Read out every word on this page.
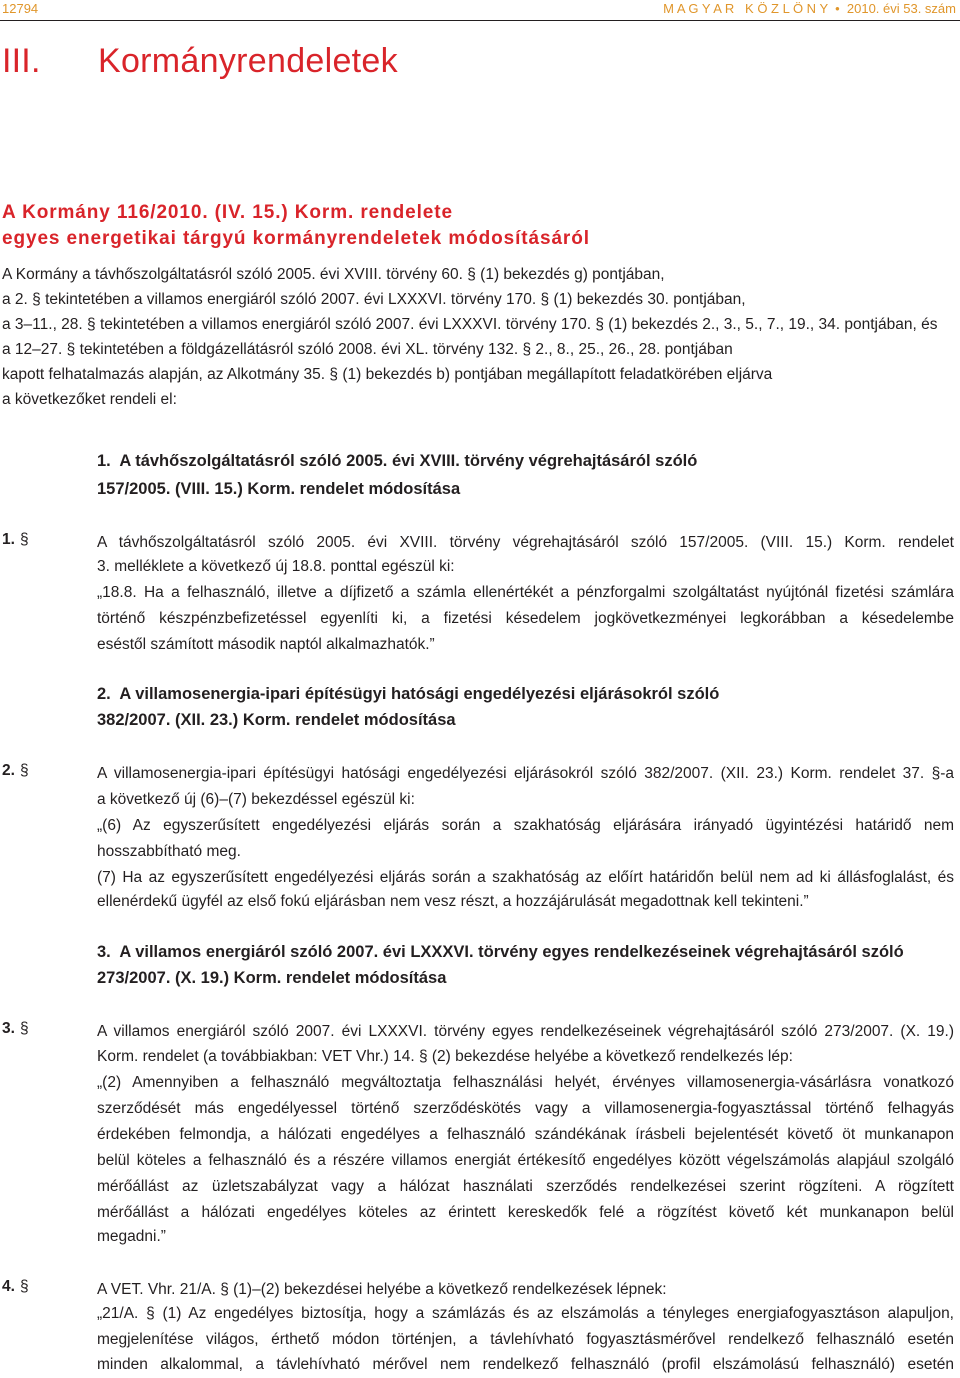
12794	M A G Y A R   K Ö Z L Ö N Y  •  2010. évi 53. szám
III. Kormányrendeletek
A Kormány 116/2010. (IV. 15.) Korm. rendelete
egyes energetikai tárgyú kormányrendeletek módosításáról
A Kormány a távhőszolgáltatásról szóló 2005. évi XVIII. törvény 60. § (1) bekezdés g) pontjában,
a 2. § tekintetében a villamos energiáról szóló 2007. évi LXXXVI. törvény 170. § (1) bekezdés 30. pontjában,
a 3–11., 28. § tekintetében a villamos energiáról szóló 2007. évi LXXXVI. törvény 170. § (1) bekezdés 2., 3., 5., 7., 19., 34. pontjában, és
a 12–27. § tekintetében a földgázellátásról szóló 2008. évi XL. törvény 132. § 2., 8., 25., 26., 28. pontjában
kapott felhatalmazás alapján, az Alkotmány 35. § (1) bekezdés b) pontjában megállapított feladatkörében eljárva
a következőket rendeli el:
1.  A távhőszolgáltatásról szóló 2005. évi XVIII. törvény végrehajtásáról szóló
157/2005. (VIII. 15.) Korm. rendelet módosítása
1. §	A távhőszolgáltatásról szóló 2005. évi XVIII. törvény végrehajtásáról szóló 157/2005. (VIII. 15.) Korm. rendelet
3. melléklete a következő új 18.8. ponttal egészül ki:
„18.8. Ha a felhasználó, illetve a díjfizető a számla ellenértékét a pénzforgalmi szolgáltatást nyújtónál fizetési számlára
történő készpénzbefizetéssel egyenlíti ki, a fizetési késedelem jogkövetkezményei legkorábban a késedelembe
eséstől számított második naptól alkalmazhatók.”
2.  A villamosenergia-ipari építésügyi hatósági engedélyezési eljárásokról szóló
382/2007. (XII. 23.) Korm. rendelet módosítása
2. §	A villamosenergia-ipari építésügyi hatósági engedélyezési eljárásokról szóló 382/2007. (XII. 23.) Korm. rendelet 37. §-a
a következő új (6)–(7) bekezdéssel egészül ki:
„(6) Az egyszerűsített engedélyezési eljárás során a szakhatóság eljárására irányadó ügyintézési határidő nem
hosszabbítható meg.
(7) Ha az egyszerűsített engedélyezési eljárás során a szakhatóság az előírt határidőn belül nem ad ki állásfoglalást, és
ellenérdekű ügyfél az első fokú eljárásban nem vesz részt, a hozzájárulását megadottnak kell tekinteni.”
3.  A villamos energiáról szóló 2007. évi LXXXVI. törvény egyes rendelkezéseinek végrehajtásáról szóló
273/2007. (X. 19.) Korm. rendelet módosítása
3. §	A villamos energiáról szóló 2007. évi LXXXVI. törvény egyes rendelkezéseinek végrehajtásáról szóló 273/2007. (X. 19.)
Korm. rendelet (a továbbiakban: VET Vhr.) 14. § (2) bekezdése helyébe a következő rendelkezés lép:
„(2) Amennyiben a felhasználó megváltoztatja felhasználási helyét, érvényes villamosenergia-vásárlásra vonatkozó
szerződését más engedélyessel történő szerződéskötés vagy a villamosenergia-fogyasztással történő felhagyás
érdekében felmondja, a hálózati engedélyes a felhasználó szándékának írásbeli bejelentését követő öt munkanapon
belül köteles a felhasználó és a részére villamos energiát értékesítő engedélyes között végelszámolás alapjául szolgáló
mérőállást az üzletszabályzat vagy a hálózat használati szerződés rendelkezései szerint rögzíteni. A rögzített
mérőállást a hálózati engedélyes köteles az érintett kereskedők felé a rögzítést követő két munkanapon belül
megadni.”
4. §	A VET. Vhr. 21/A. § (1)–(2) bekezdései helyébe a következő rendelkezések lépnek:
„21/A. § (1) Az engedélyes biztosítja, hogy a számlázás és az elszámolás a tényleges energiafogyasztáson alapuljon,
megjelenítése világos, érthető módon történjen, a távlehívható fogyasztásmérővel rendelkező felhasználó esetén
minden alkalommal, a távlehívható mérővel nem rendelkező felhasználó (profil elszámolású felhasználó) esetén
